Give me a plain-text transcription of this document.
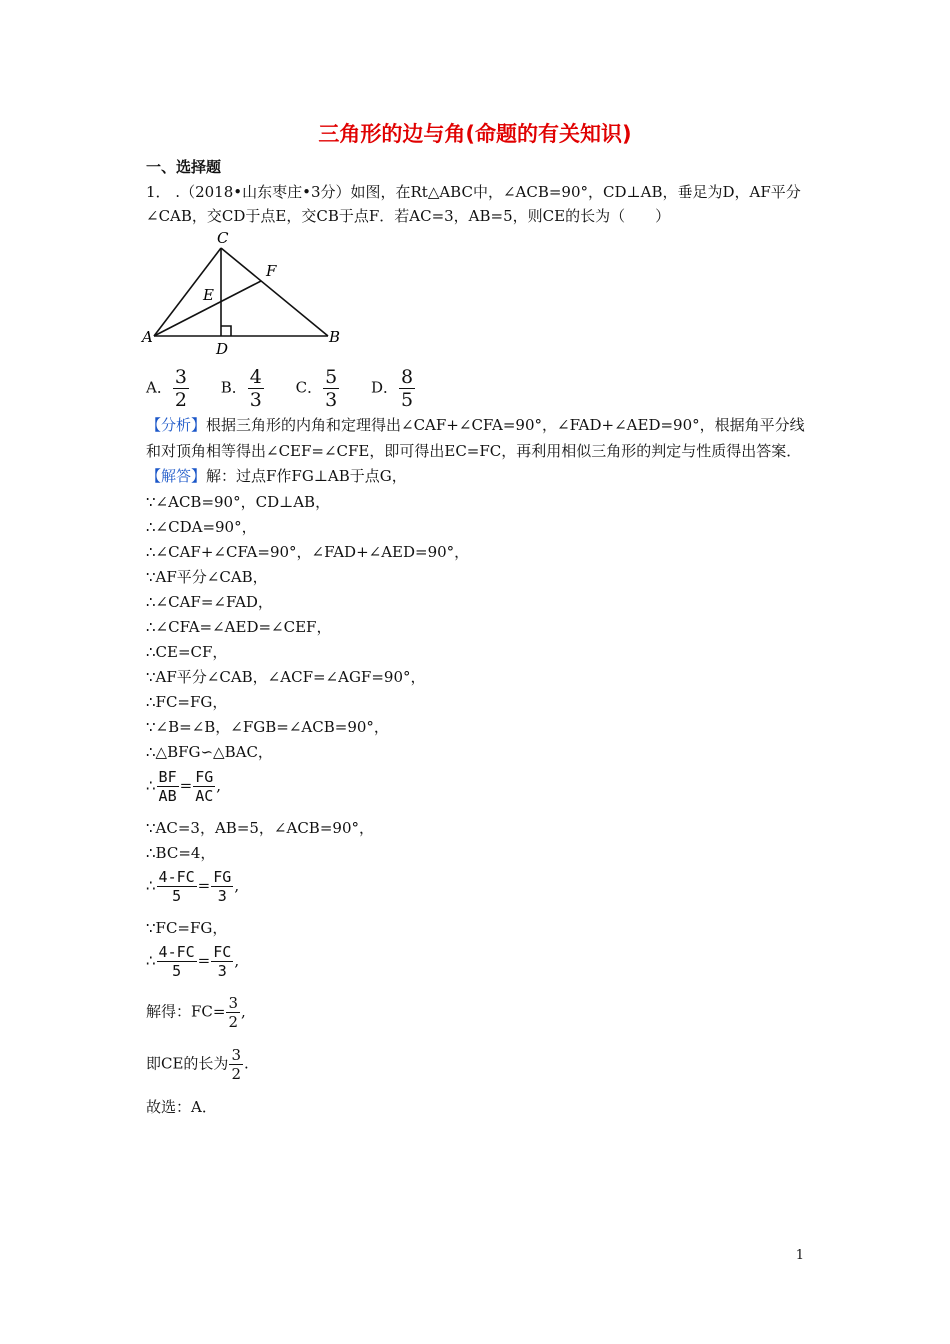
三角形的边与角(命题的有关知识)
一、选择题
1． .（2018•山东枣庄•3分）如图，在Rt△ABC中，∠ACB=90°，CD⊥AB，垂足为D，AF平分
∠CAB，交CD于点E，交CB于点F．若AC=3，AB=5，则CE的长为（　　）
C
F
E
A
D
B
A． $\frac{3}{2}$ B． $\frac{4}{3}$ C． $\frac{5}{3}$ D． $\frac{8}{5}$
【分析】根据三角形的内角和定理得出∠CAF+∠CFA=90°，∠FAD+∠AED=90°，根据角平分线
和对顶角相等得出∠CEF=∠CFE，即可得出EC=FC，再利用相似三角形的判定与性质得出答案．
【解答】解：过点F作FG⊥AB于点G，
∵∠ACB=90°，CD⊥AB，
∴∠CDA=90°，
∴∠CAF+∠CFA=90°，∠FAD+∠AED=90°，
∵AF平分∠CAB，
∴∠CAF=∠FAD，
∴∠CFA=∠AED=∠CEF，
∴CE=CF，
∵AF平分∠CAB，∠ACF=∠AGF=90°，
∴FC=FG，
∵∠B=∠B，∠FGB=∠ACB=90°，
∴△BFG∽△BAC，
∴ $\frac{BF}{AB} = \frac{FG}{AC}$ ,
∵AC=3，AB=5，∠ACB=90°，
∴BC=4，
∴ $\frac{4-FC}{5} = \frac{FG}{3}$ ,
∵FC=FG，
∴ $\frac{4-FC}{5} = \frac{FC}{3}$ ,
解得：$FC= \frac{3}{2}$ ,
即CE的长为 $\frac{3}{2}$ .
故选：A．
1
